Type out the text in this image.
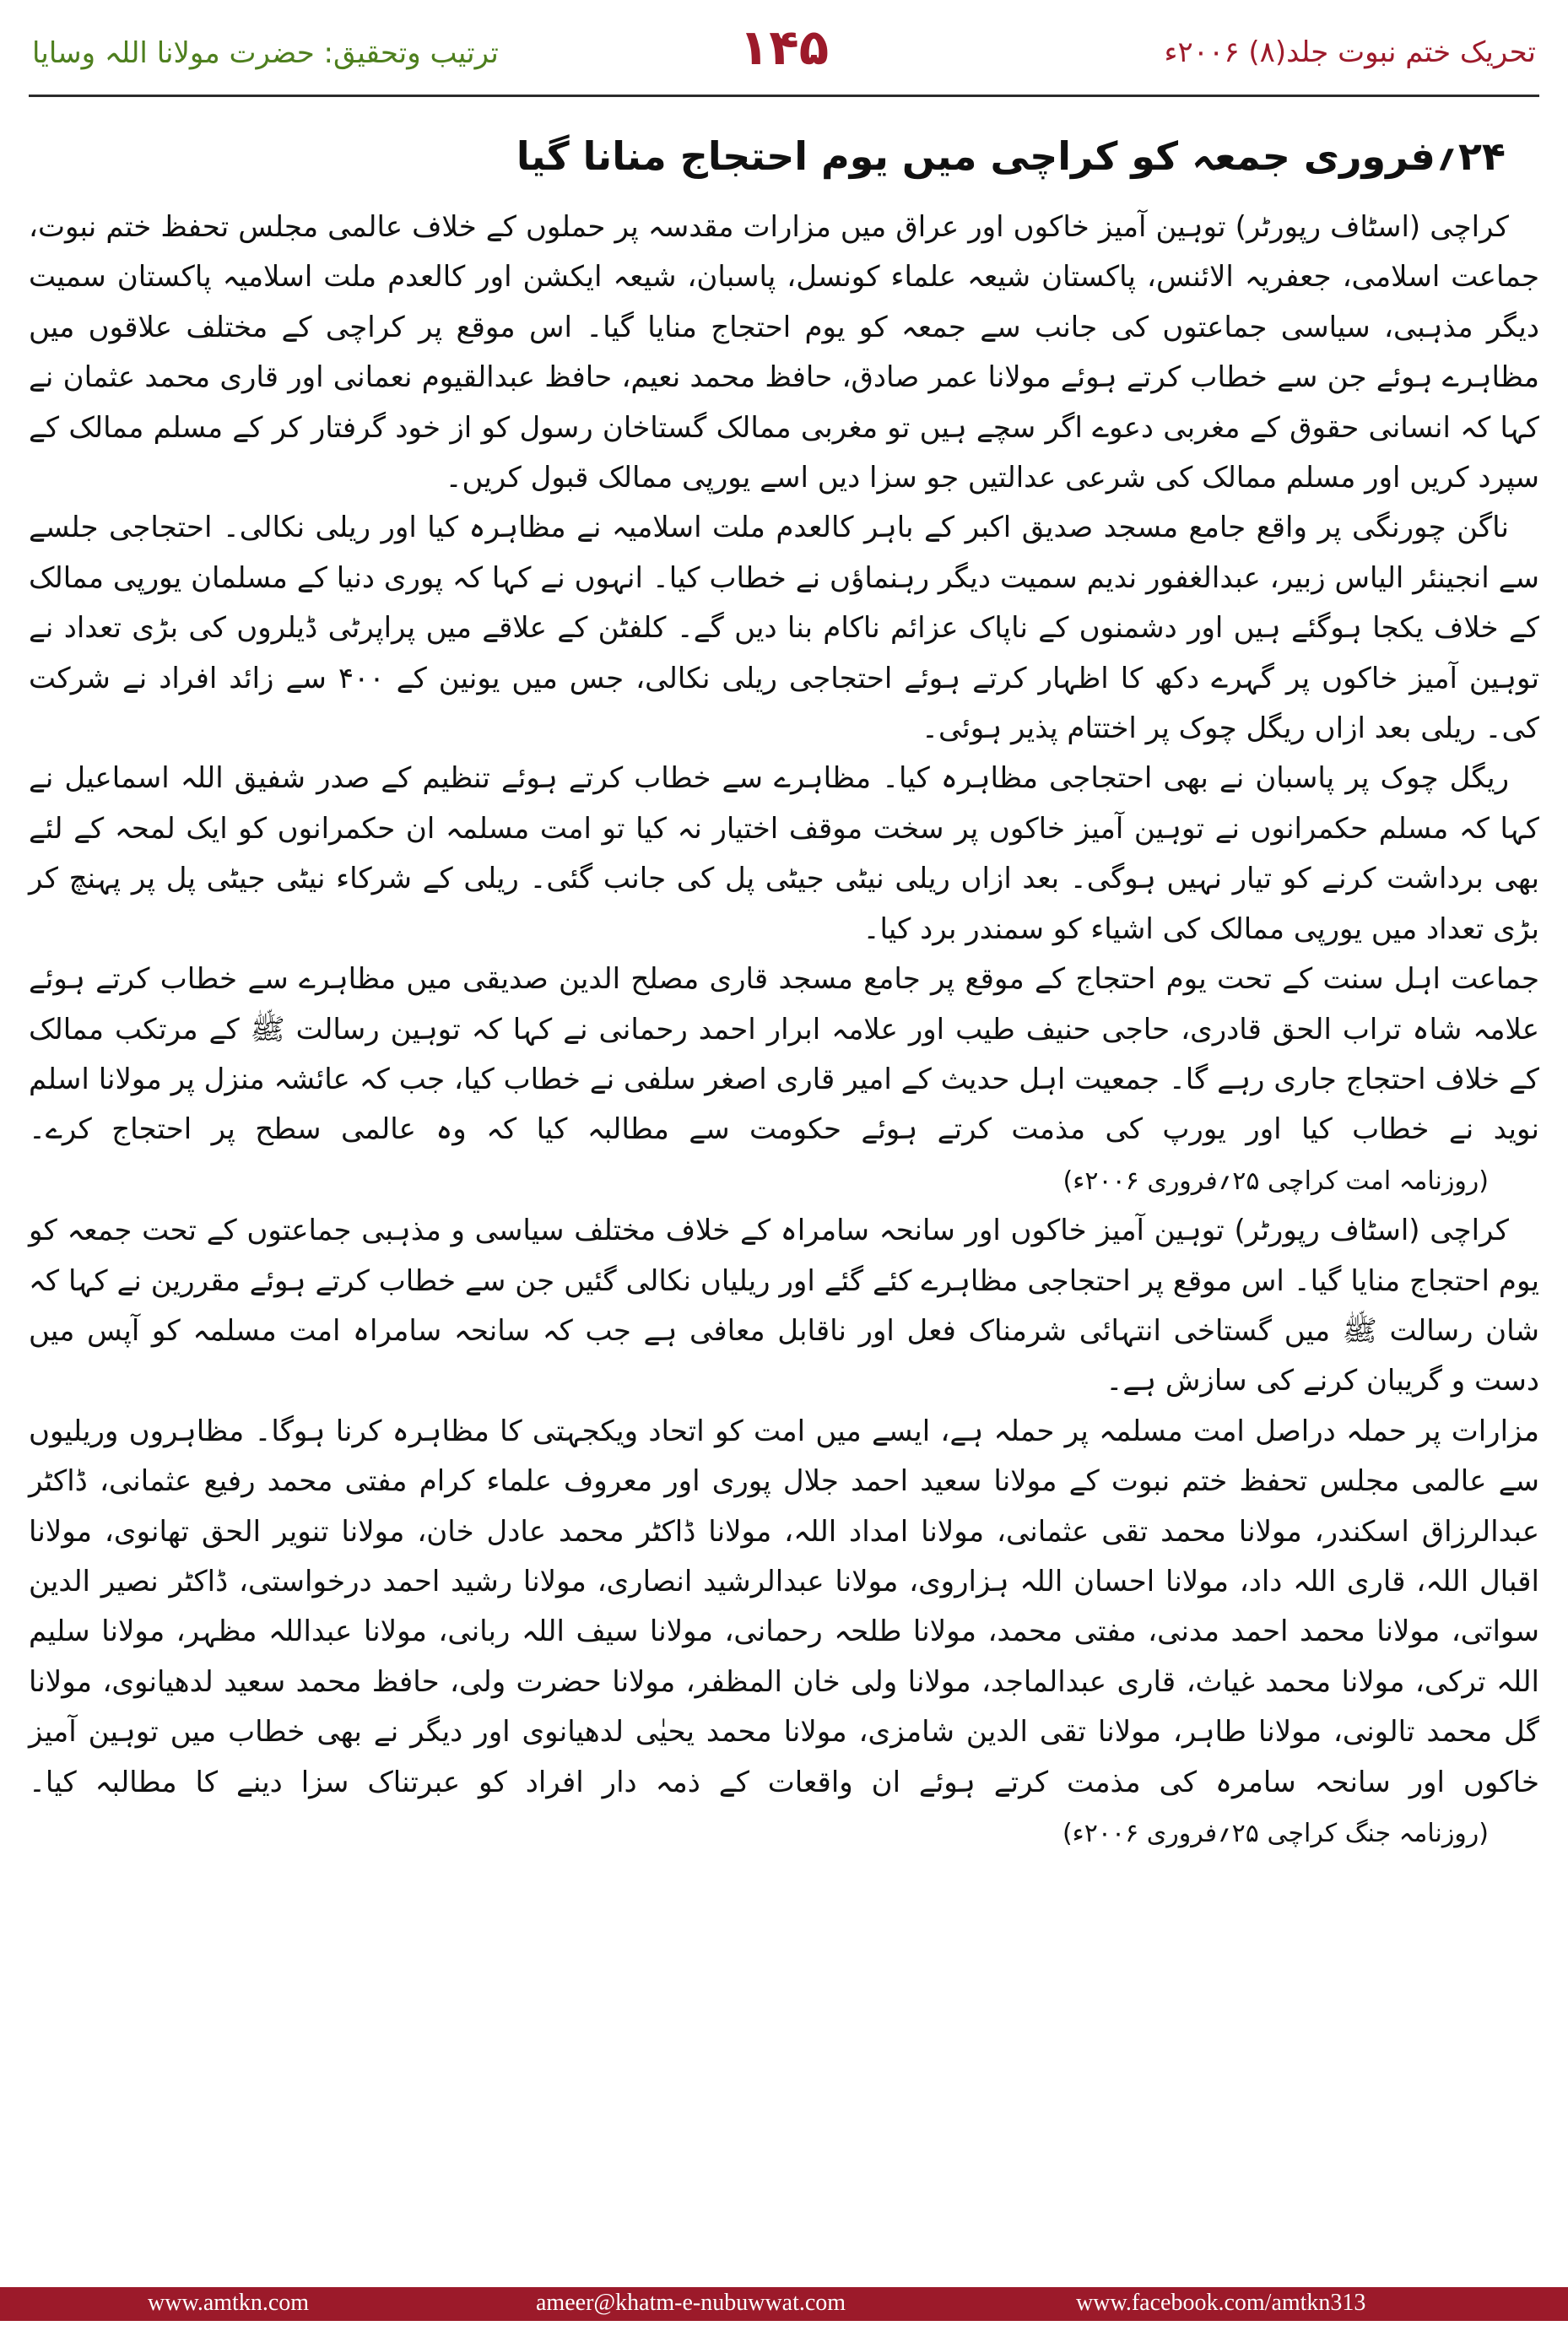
ترتیب وتحقیق: حضرت مولانا اللہ وسایا	۱۴۵	تحریک ختم نبوت جلد(۸) ۲۰۰۶ء
۲۴؍فروری جمعہ کو کراچی میں یوم احتجاج منانا گیا

کراچی (اسٹاف رپورٹر) توہین آمیز خاکوں اور عراق میں مزارات مقدسہ پر حملوں کے خلاف عالمی مجلس تحفظ ختم نبوت، جماعت اسلامی، جعفریہ الائنس، پاکستان شیعہ علماء کونسل، پاسبان، شیعہ ایکشن اور کالعدم ملت اسلامیہ پاکستان سمیت دیگر مذہبی، سیاسی جماعتوں کی جانب سے جمعہ کو یوم احتجاج منایا گیا۔ اس موقع پر کراچی کے مختلف علاقوں میں مظاہرے ہوئے جن سے خطاب کرتے ہوئے مولانا عمر صادق، حافظ محمد نعیم، حافظ عبدالقیوم نعمانی اور قاری محمد عثمان نے کہا کہ انسانی حقوق کے مغربی دعوے اگر سچے ہیں تو مغربی ممالک گستاخان رسول کو از خود گرفتار کر کے مسلم ممالک کے سپرد کریں اور مسلم ممالک کی شرعی عدالتیں جو سزا دیں اسے یورپی ممالک قبول کریں۔

ناگن چورنگی پر واقع جامع مسجد صدیق اکبر کے باہر کالعدم ملت اسلامیہ نے مظاہرہ کیا اور ریلی نکالی۔ احتجاجی جلسے سے انجینئر الیاس زبیر، عبدالغفور ندیم سمیت دیگر رہنماؤں نے خطاب کیا۔ انہوں نے کہا کہ پوری دنیا کے مسلمان یورپی ممالک کے خلاف یکجا ہوگئے ہیں اور دشمنوں کے ناپاک عزائم ناکام بنا دیں گے۔ کلفٹن کے علاقے میں پراپرٹی ڈیلروں کی بڑی تعداد نے توہین آمیز خاکوں پر گہرے دکھ کا اظہار کرتے ہوئے احتجاجی ریلی نکالی، جس میں یونین کے ۴۰۰ سے زائد افراد نے شرکت کی۔ ریلی بعد ازاں ریگل چوک پر اختتام پذیر ہوئی۔

ریگل چوک پر پاسبان نے بھی احتجاجی مظاہرہ کیا۔ مظاہرے سے خطاب کرتے ہوئے تنظیم کے صدر شفیق اللہ اسماعیل نے کہا کہ مسلم حکمرانوں نے توہین آمیز خاکوں پر سخت موقف اختیار نہ کیا تو امت مسلمہ ان حکمرانوں کو ایک لمحہ کے لئے بھی برداشت کرنے کو تیار نہیں ہوگی۔ بعد ازاں ریلی نیٹی جیٹی پل کی جانب گئی۔ ریلی کے شرکاء نیٹی جیٹی پل پر پہنچ کر بڑی تعداد میں یورپی ممالک کی اشیاء کو سمندر برد کیا۔

جماعت اہل سنت کے تحت یوم احتجاج کے موقع پر جامع مسجد قاری مصلح الدین صدیقی میں مظاہرے سے خطاب کرتے ہوئے علامہ شاہ تراب الحق قادری، حاجی حنیف طیب اور علامہ ابرار احمد رحمانی نے کہا کہ توہین رسالت ﷺ کے مرتکب ممالک کے خلاف احتجاج جاری رہے گا۔ جمعیت اہل حدیث کے امیر قاری اصغر سلفی نے خطاب کیا، جب کہ عائشہ منزل پر مولانا اسلم نوید نے خطاب کیا اور یورپ کی مذمت کرتے ہوئے حکومت سے مطالبہ کیا کہ وہ عالمی سطح پر احتجاج کرے۔(روزنامہ امت کراچی ۲۵؍فروری ۲۰۰۶ء)

کراچی (اسٹاف رپورٹر) توہین آمیز خاکوں اور سانحہ سامراہ کے خلاف مختلف سیاسی و مذہبی جماعتوں کے تحت جمعہ کو یوم احتجاج منایا گیا۔ اس موقع پر احتجاجی مظاہرے کئے گئے اور ریلیاں نکالی گئیں جن سے خطاب کرتے ہوئے مقررین نے کہا کہ شان رسالت ﷺ میں گستاخی انتہائی شرمناک فعل اور ناقابل معافی ہے جب کہ سانحہ سامراہ امت مسلمہ کو آپس میں دست و گریبان کرنے کی سازش ہے۔

مزارات پر حملہ دراصل امت مسلمہ پر حملہ ہے، ایسے میں امت کو اتحاد ویکجہتی کا مظاہرہ کرنا ہوگا۔ مظاہروں وریلیوں سے عالمی مجلس تحفظ ختم نبوت کے مولانا سعید احمد جلال پوری اور معروف علماء کرام مفتی محمد رفیع عثمانی، ڈاکٹر عبدالرزاق اسکندر، مولانا محمد تقی عثمانی، مولانا امداد اللہ، مولانا ڈاکٹر محمد عادل خان، مولانا تنویر الحق تھانوی، مولانا اقبال اللہ، قاری اللہ داد، مولانا احسان اللہ ہزاروی، مولانا عبدالرشید انصاری، مولانا رشید احمد درخواستی، ڈاکٹر نصیر الدین سواتی، مولانا محمد احمد مدنی، مفتی محمد، مولانا طلحہ رحمانی، مولانا سیف اللہ ربانی، مولانا عبداللہ مظہر، مولانا سلیم اللہ ترکی، مولانا محمد غیاث، قاری عبدالماجد، مولانا ولی خان المظفر، مولانا حضرت ولی، حافظ محمد سعید لدھیانوی، مولانا گل محمد تالونی، مولانا طاہر، مولانا تقی الدین شامزی، مولانا محمد یحیٰی لدھیانوی اور دیگر نے بھی خطاب میں توہین آمیز خاکوں اور سانحہ سامرہ کی مذمت کرتے ہوئے ان واقعات کے ذمہ دار افراد کو عبرتناک سزا دینے کا مطالبہ کیا۔(روزنامہ جنگ کراچی ۲۵؍فروری ۲۰۰۶ء)

www.amtkn.com	ameer@khatm-e-nubuwwat.com	www.facebook.com/amtkn313
